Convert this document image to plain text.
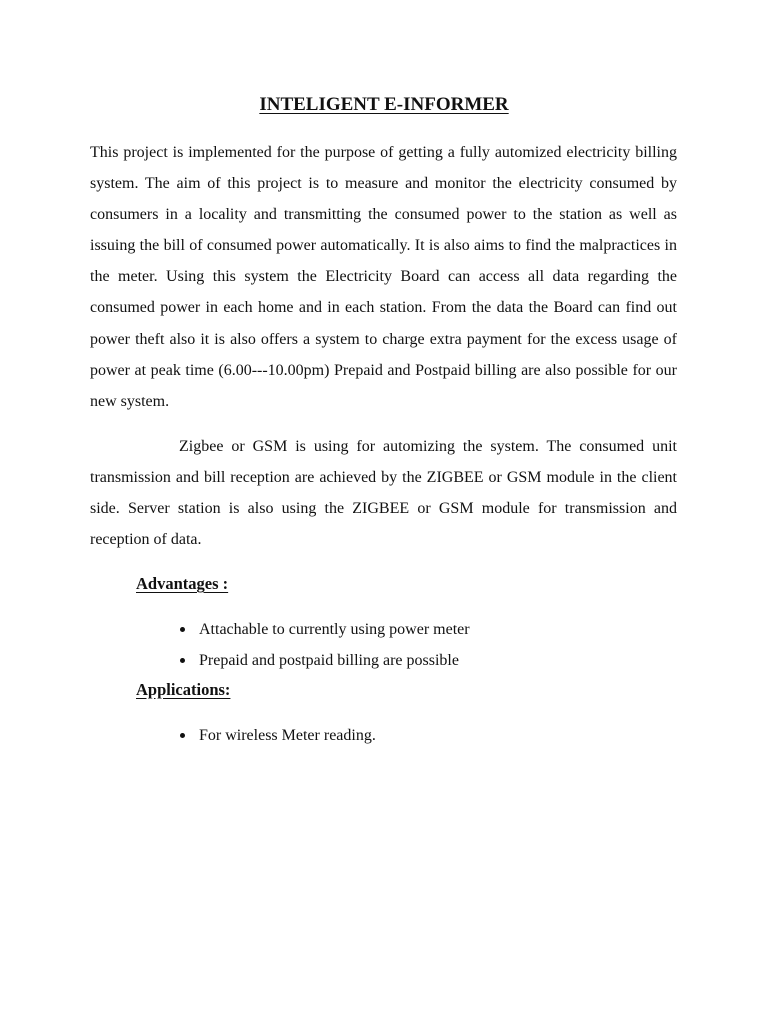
INTELIGENT E-INFORMER

This project is implemented for the purpose of getting a fully automized electricity billing system. The aim of this project is to measure and monitor the electricity consumed by consumers in a locality and transmitting the consumed power to the station as well as issuing the bill of consumed power automatically. It is also aims to find the malpractices in the meter. Using this system the Electricity Board can access all data regarding the consumed power in each home and in each station. From the data the Board can find out power theft also it is also offers a system to charge extra payment for the excess usage of power at peak time (6.00---10.00pm) Prepaid and Postpaid billing are also possible for our new system.

Zigbee or GSM is using for automizing the system. The consumed unit transmission and bill reception are achieved by the ZIGBEE or GSM module in the client side. Server station is also using the ZIGBEE or GSM module for transmission and reception of data.

Advantages :
Attachable to currently using power meter
Prepaid and postpaid billing are possible
Applications:
For wireless Meter reading.
